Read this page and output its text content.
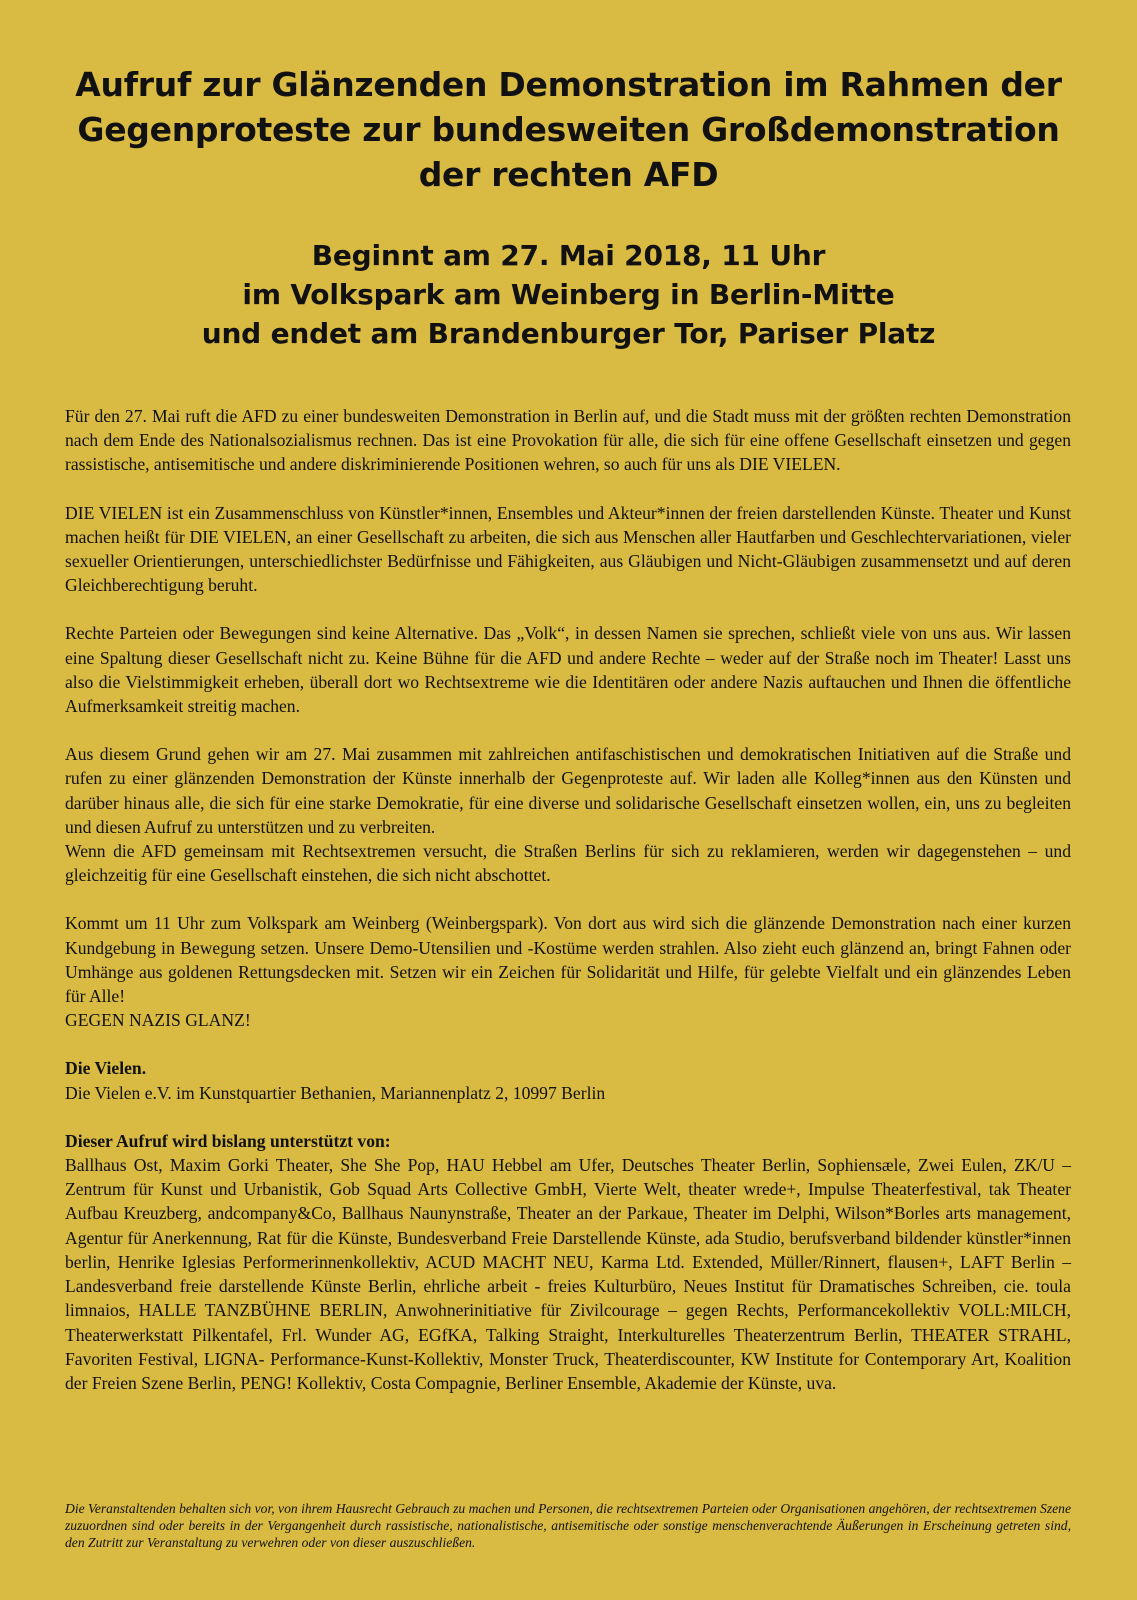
Aufruf zur Glänzenden Demonstration im Rahmen der
Gegenproteste zur bundesweiten Großdemonstration
der rechten AFD
Beginnt am 27. Mai 2018, 11 Uhr
im Volkspark am Weinberg in Berlin-Mitte
und endet am Brandenburger Tor, Pariser Platz

Für den 27. Mai ruft die AFD zu einer bundesweiten Demonstration in Berlin auf, und die Stadt muss mit der größten rechten Demonstration nach dem Ende des Nationalsozialismus rechnen. Das ist eine Provokation für alle, die sich für eine offene Gesellschaft einsetzen und gegen rassistische, antisemitische und andere diskriminierende Positionen wehren, so auch für uns als DIE VIELEN.

DIE VIELEN ist ein Zusammenschluss von Künstler*innen, Ensembles und Akteur*innen der freien darstellenden Künste. Theater und Kunst machen heißt für DIE VIELEN, an einer Gesellschaft zu arbeiten, die sich aus Menschen aller Hautfarben und Geschlechtervariationen, vieler sexueller Orientierungen, unterschiedlichster Bedürfnisse und Fähigkeiten, aus Gläubigen und Nicht-Gläubigen zusammensetzt und auf deren Gleichberechtigung beruht.

Rechte Parteien oder Bewegungen sind keine Alternative. Das „Volk“, in dessen Namen sie sprechen, schließt viele von uns aus. Wir lassen eine Spaltung dieser Gesellschaft nicht zu. Keine Bühne für die AFD und andere Rechte – weder auf der Straße noch im Theater! Lasst uns also die Vielstimmigkeit erheben, überall dort wo Rechtsextreme wie die Identitären oder andere Nazis auftauchen und Ihnen die öffentliche Aufmerksamkeit streitig machen.

Aus diesem Grund gehen wir am 27. Mai zusammen mit zahlreichen antifaschistischen und demokratischen Initiativen auf die Straße und rufen zu einer glänzenden Demonstration der Künste innerhalb der Gegenproteste auf. Wir laden alle Kolleg*innen aus den Künsten und darüber hinaus alle, die sich für eine starke Demokratie, für eine diverse und solidarische Gesellschaft einsetzen wollen, ein, uns zu begleiten und diesen Aufruf zu unterstützen und zu verbreiten.
Wenn die AFD gemeinsam mit Rechtsextremen versucht, die Straßen Berlins für sich zu reklamieren, werden wir dagegenstehen – und gleichzeitig für eine Gesellschaft einstehen, die sich nicht abschottet.

Kommt um 11 Uhr zum Volkspark am Weinberg (Weinbergspark). Von dort aus wird sich die glänzende Demonstration nach einer kurzen Kundgebung in Bewegung setzen. Unsere Demo-Utensilien und -Kostüme werden strahlen. Also zieht euch glänzend an, bringt Fahnen oder Umhänge aus goldenen Rettungsdecken mit. Setzen wir ein Zeichen für Solidarität und Hilfe, für gelebte Vielfalt und ein glänzendes Leben für Alle!
GEGEN NAZIS GLANZ!

Die Vielen.
Die Vielen e.V. im Kunstquartier Bethanien, Mariannenplatz 2, 10997 Berlin

Dieser Aufruf wird bislang unterstützt von:
Ballhaus Ost, Maxim Gorki Theater, She She Pop, HAU Hebbel am Ufer, Deutsches Theater Berlin, Sophiensæle, Zwei Eulen, ZK/U – Zentrum für Kunst und Urbanistik, Gob Squad Arts Collective GmbH, Vierte Welt, theater wrede+, Impulse Theaterfestival, tak Theater Aufbau Kreuzberg, andcompany&Co, Ballhaus Naunynstraße, Theater an der Parkaue, Theater im Delphi, Wilson*Borles arts management, Agentur für Anerkennung, Rat für die Künste, Bundesverband Freie Darstellende Künste, ada Studio, berufsverband bildender künstler*innen berlin, Henrike Iglesias Performerinnenkollektiv, ACUD MACHT NEU, Karma Ltd. Extended, Müller/Rinnert, flausen+, LAFT Berlin – Landesverband freie darstellende Künste Berlin, ehrliche arbeit - freies Kulturbüro, Neues Institut für Dramatisches Schreiben, cie. toula limnaios, HALLE TANZBÜHNE BERLIN, Anwohnerinitiative für Zivilcourage – gegen Rechts, Performancekollektiv VOLL:MILCH, Theaterwerkstatt Pilkentafel, Frl. Wunder AG, EGfKA, Talking Straight, Interkulturelles Theaterzentrum Berlin, THEATER STRAHL, Favoriten Festival, LIGNA- Performance-Kunst-Kollektiv, Monster Truck, Theaterdiscounter, KW Institute for Contemporary Art, Koalition der Freien Szene Berlin, PENG! Kollektiv, Costa Compagnie, Berliner Ensemble, Akademie der Künste, uva.

Die Veranstaltenden behalten sich vor, von ihrem Hausrecht Gebrauch zu machen und Personen, die rechtsextremen Parteien oder Organisationen angehören, der rechtsextremen Szene zuzuordnen sind oder bereits in der Vergangenheit durch rassistische, nationalistische, antisemitische oder sonstige menschenverachtende Äußerungen in Erscheinung getreten sind, den Zutritt zur Veranstaltung zu verwehren oder von dieser auszuschließen.
